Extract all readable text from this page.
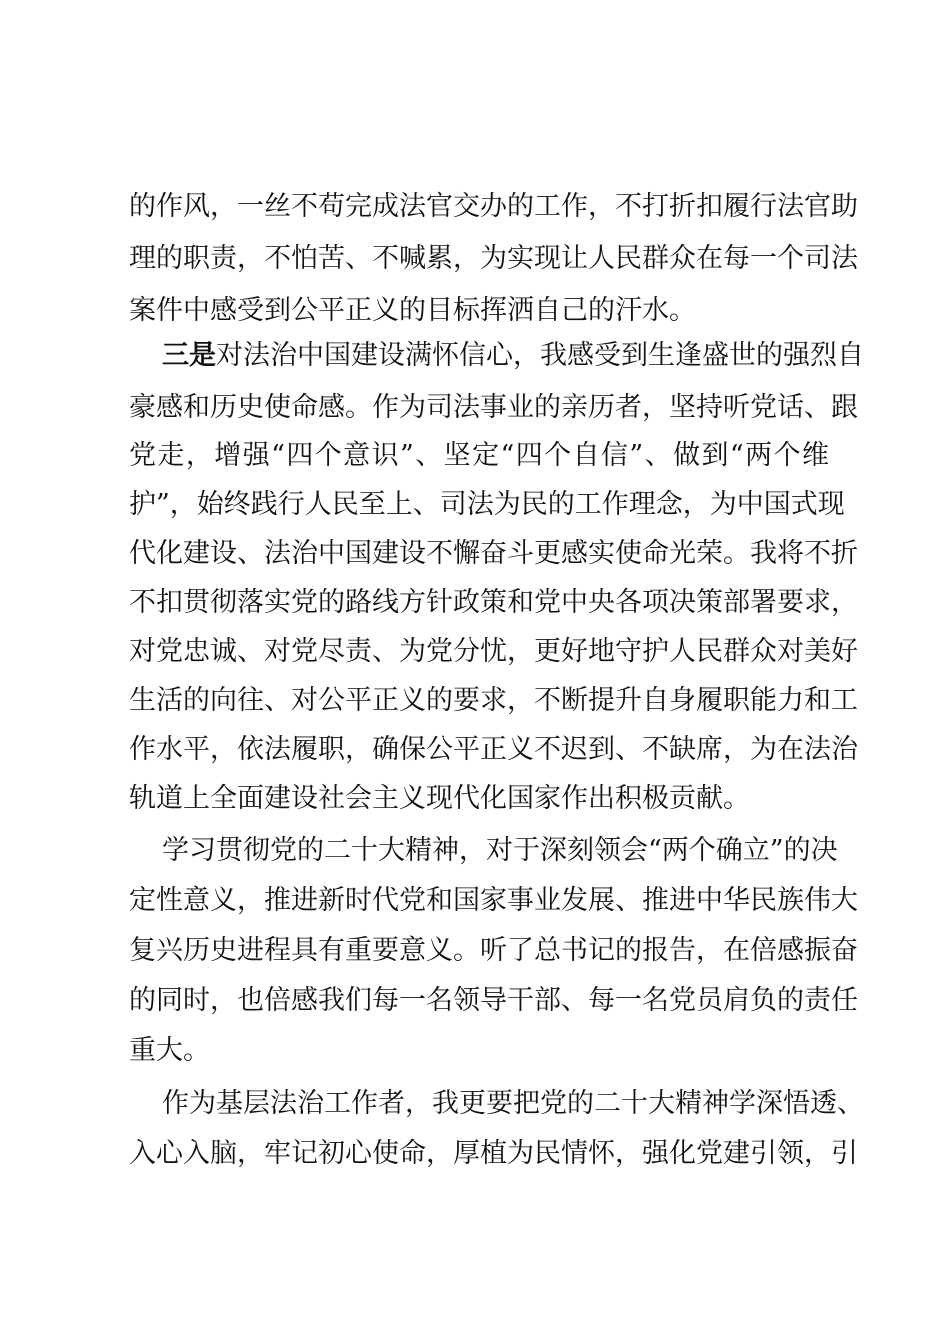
的作风，一丝不苟完成法官交办的工作，不打折扣履行法官助

理的职责，不怕苦、不喊累，为实现让人民群众在每一个司法

案件中感受到公平正义的目标挥洒自己的汗水。

三是对法治中国建设满怀信心，我感受到生逢盛世的强烈自

豪感和历史使命感。作为司法事业的亲历者，坚持听党话、跟

党走，增强“四个意识”、坚定“四个自信”、做到“两个维

护”，始终践行人民至上、司法为民的工作理念，为中国式现

代化建设、法治中国建设不懈奋斗更感实使命光荣。我将不折

不扣贯彻落实党的路线方针政策和党中央各项决策部署要求，

对党忠诚、对党尽责、为党分忧，更好地守护人民群众对美好

生活的向往、对公平正义的要求，不断提升自身履职能力和工

作水平，依法履职，确保公平正义不迟到、不缺席，为在法治

轨道上全面建设社会主义现代化国家作出积极贡献。

学习贯彻党的二十大精神，对于深刻领会“两个确立”的决

定性意义，推进新时代党和国家事业发展、推进中华民族伟大

复兴历史进程具有重要意义。听了总书记的报告，在倍感振奋

的同时，也倍感我们每一名领导干部、每一名党员肩负的责任

重大。

作为基层法治工作者，我更要把党的二十大精神学深悟透、

入心入脑，牢记初心使命，厚植为民情怀，强化党建引领，引
